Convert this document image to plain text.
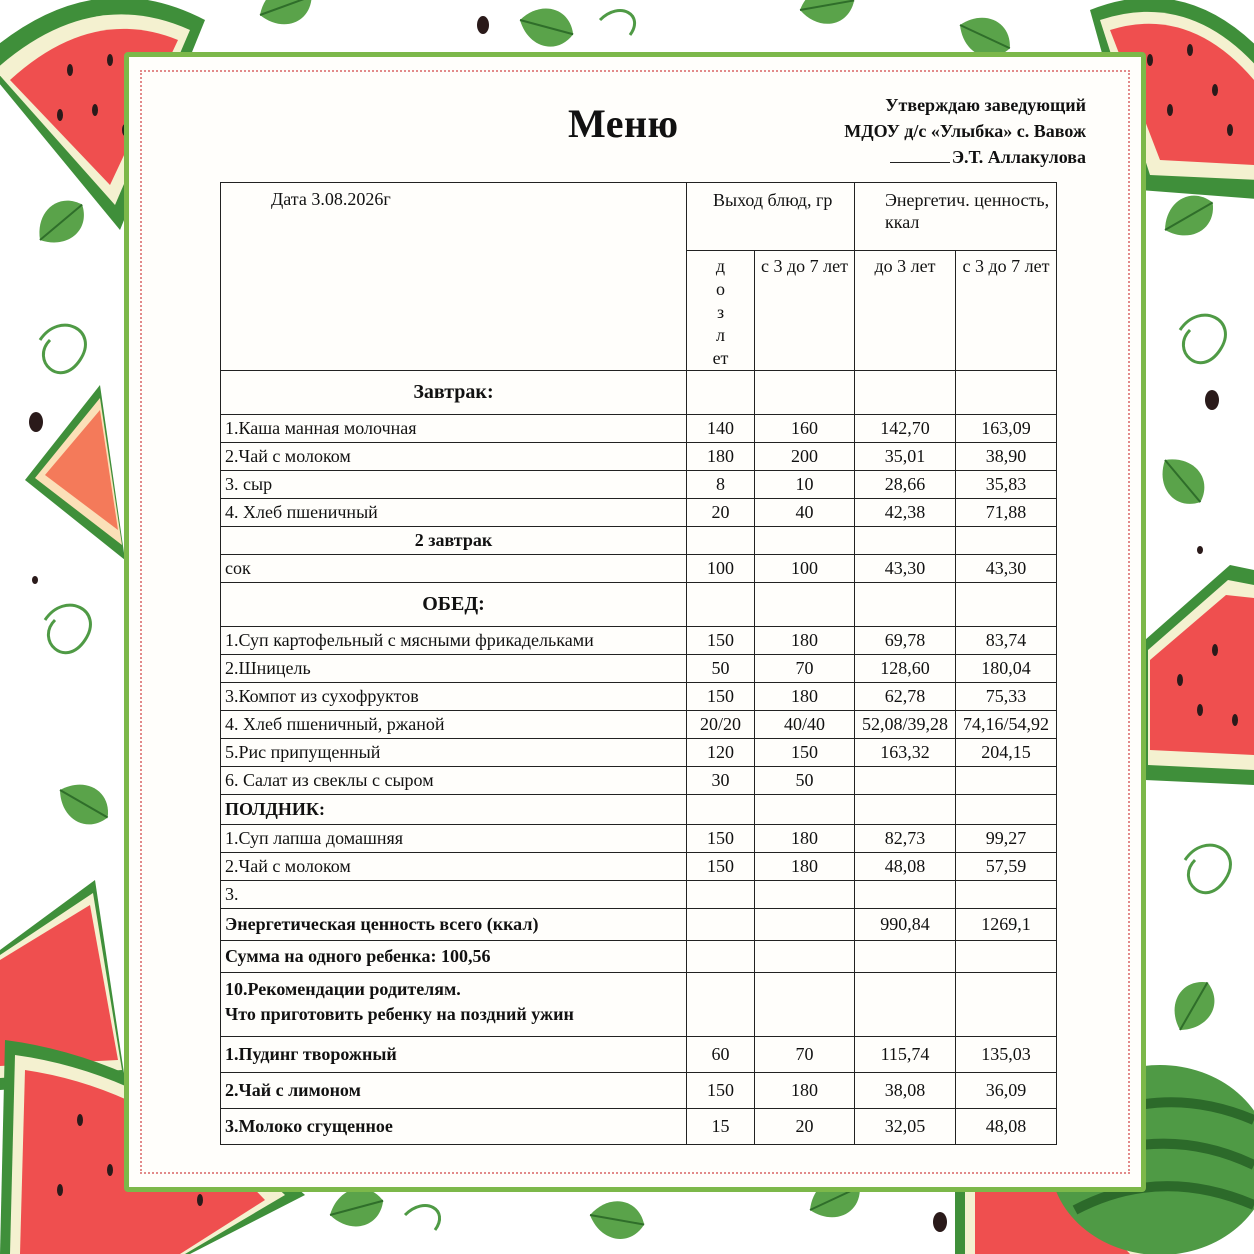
Меню	Утверждаю заведующий
МДОУ д/с «Улыбка» с. Вавож
Э.Т. Аллакулова
Дата 3.08.2026г	Выход блюд, гр		Энергетич. ценность, ккал	

	д
о
з
л
ет	с 3 до 7 лет	до 3 лет	с 3 до 7 лет
Завтрак:				
1.Каша манная молочная	140	160	142,70	163,09
2.Чай с молоком	180	200	35,01	38,90
3. сыр	8	10	28,66	35,83
4. Хлеб пшеничный	20	40	42,38	71,88
2 завтрак				
сок	100	100	43,30	43,30
ОБЕД:				
1.Суп картофельный с мясными фрикадельками	150	180	69,78	83,74
2.Шницель	50	70	128,60	180,04
3.Компот из сухофруктов	150	180	62,78	75,33
4. Хлеб пшеничный, ржаной	20/20	40/40	52,08/39,28	74,16/54,92
5.Рис припущенный	120	150	163,32	204,15
6. Салат из свеклы с сыром	30	50		
ПОЛДНИК:				
1.Суп лапша домашняя	150	180	82,73	99,27
2.Чай с молоком	150	180	48,08	57,59
3.				
Энергетическая ценность всего (ккал)			990,84	1269,1
Сумма на одного ребенка: 100,56				

10.Рекомендации родителям.
Что приготовить ребенку на поздний ужин				

1.Пудинг творожный	60	70	115,74	135,03
2.Чай с лимоном	150	180	38,08	36,09
3.Молоко сгущенное	15	20	32,05	48,08
